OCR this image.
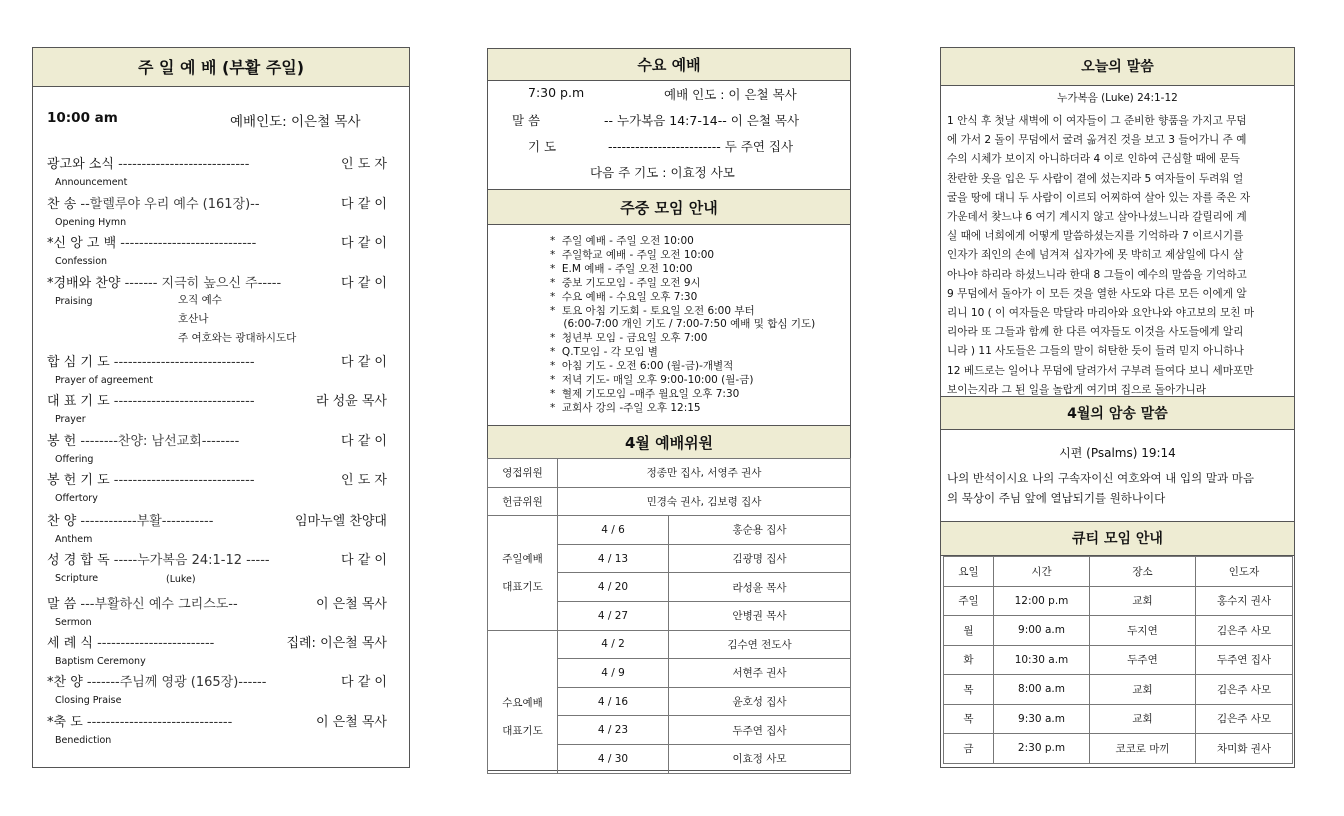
주 일 예 배 (부활 주일)
10:00 am	예배인도: 이은철 목사
광고와 소식 ----------------------------	인 도 자
Announcement
찬 송 --할렐루야 우리 예수 (161장)--	다 같 이
Opening Hymn
*신 앙 고 백 -----------------------------	다 같 이
Confession
*경배와 찬양 ------- 지극히 높으신 주-----	다 같 이
Praising
합 심 기 도 ------------------------------	다 같 이
Prayer of agreement
대 표 기 도 ------------------------------	라 성윤 목사
Prayer
봉 헌 --------찬양: 남선교회--------	다 같 이
Offering
봉 헌 기 도 ------------------------------	인 도 자
Offertory
찬 양 ------------부활-----------	임마누엘 찬양대
Anthem
성 경 합 독 -----누가복음 24:1-12 -----	다 같 이
Scripture
말 씀 ---부활하신 예수 그리스도--	이 은철 목사
Sermon
세 례 식 -------------------------	집례: 이은철 목사
Baptism Ceremony
*찬 양 -------주님께 영광 (165장)------	다 같 이
Closing Praise
*축 도 -------------------------------	이 은철 목사
Benediction
오직 예수
호산나
주 여호와는 광대하시도다
(Luke)
수요 예배
7:30 p.m	예배 인도 : 이 은철 목사
말 씀	-- 누가복음 14:7-14-- 이 은철 목사
기 도	------------------------- 두 주연 집사
다음 주 기도 : 이효정 사모
주중 모임 안내
*  주일 예배 - 주일 오전 10:00
*  주일학교 예배 - 주일 오전 10:00
*  E.M 예배 - 주일 오전 10:00
*  중보 기도모임 - 주일 오전 9시
*  수요 예배 - 수요일 오후 7:30
*  토요 아침 기도회 - 토요일 오전 6:00 부터
(6:00-7:00 개인 기도 / 7:00-7:50 예배 및 합심 기도)
*  청년부 모임 - 금요일 오후 7:00
*  Q.T모임 - 각 모임 별
*  아침 기도 - 오전 6:00 (월-금)-개별적
*  저녁 기도- 매일 오후 9:00-10:00 (월-금)
*  혈제 기도모임 –매주 월요일 오후 7:30
*  교회사 강의 -주일 오후 12:15
4월 예배위원
영접위원	정종만 집사, 서영주 권사	
헌금위원	민경숙 권사, 김보령 집사	
주일예배
대표기도	4 / 6	홍순용 집사
	4 / 13	김광명 집사
	4 / 20	라성윤 목사
	4 / 27	안병권 목사
수요예배
대표기도	4 / 2	김수연 전도사
	4 / 9	서현주 권사
	4 / 16	윤호성 집사
	4 / 23	두주연 집사
	4 / 30	이효정 사모
오늘의 말씀
누가복음 (Luke) 24:1-12
1 안식 후 첫날 새벽에 이 여자들이 그 준비한 향품을 가지고 무덤
에 가서 2 돌이 무덤에서 굴려 옮겨진 것을 보고 3 들어가니 주 예
수의 시체가 보이지 아니하더라 4 이로 인하여 근심할 때에 문득
찬란한 옷을 입은 두 사람이 곁에 섰는지라 5 여자들이 두려워 얼
굴을 땅에 대니 두 사람이 이르되 어찌하여 살아 있는 자를 죽은 자
가운데서 찾느냐 6 여기 계시지 않고 살아나셨느니라 갈릴리에 계
실 때에 너희에게 어떻게 말씀하셨는지를 기억하라 7 이르시기를
인자가 죄인의 손에 넘겨져 십자가에 못 박히고 제삼일에 다시 살
아나야 하리라 하셨느니라 한대 8 그들이 예수의 말씀을 기억하고
9 무덤에서 돌아가 이 모든 것을 열한 사도와 다른 모든 이에게 알
리니 10 ( 이 여자들은 막달라 마리아와 요안나와 야고보의 모친 마
리아라 또 그들과 함께 한 다른 여자들도 이것을 사도들에게 알리
니라 ) 11 사도들은 그들의 말이 허탄한 듯이 들려 믿지 아니하나
12 베드로는 일어나 무덤에 달려가서 구부려 들여다 보니 세마포만
보이는지라 그 된 일을 놀랍게 여기며 집으로 돌아가니라
4월의 암송 말씀
시편 (Psalms) 19:14
나의 반석이시요 나의 구속자이신 여호와여 내 입의 말과 마음
의 묵상이 주님 앞에 열납되기를 원하나이다
큐티 모임 안내
요일	시간	장소	인도자
주일	12:00 p.m	교회	홍수지 권사
월	9:00 a.m	두지연	김은주 사모
화	10:30 a.m	두주연	두주연 집사
목	8:00 a.m	교회	김은주 사모
목	9:30 a.m	교회	김은주 사모
금	2:30 p.m	코코로 마끼	차미화 권사
